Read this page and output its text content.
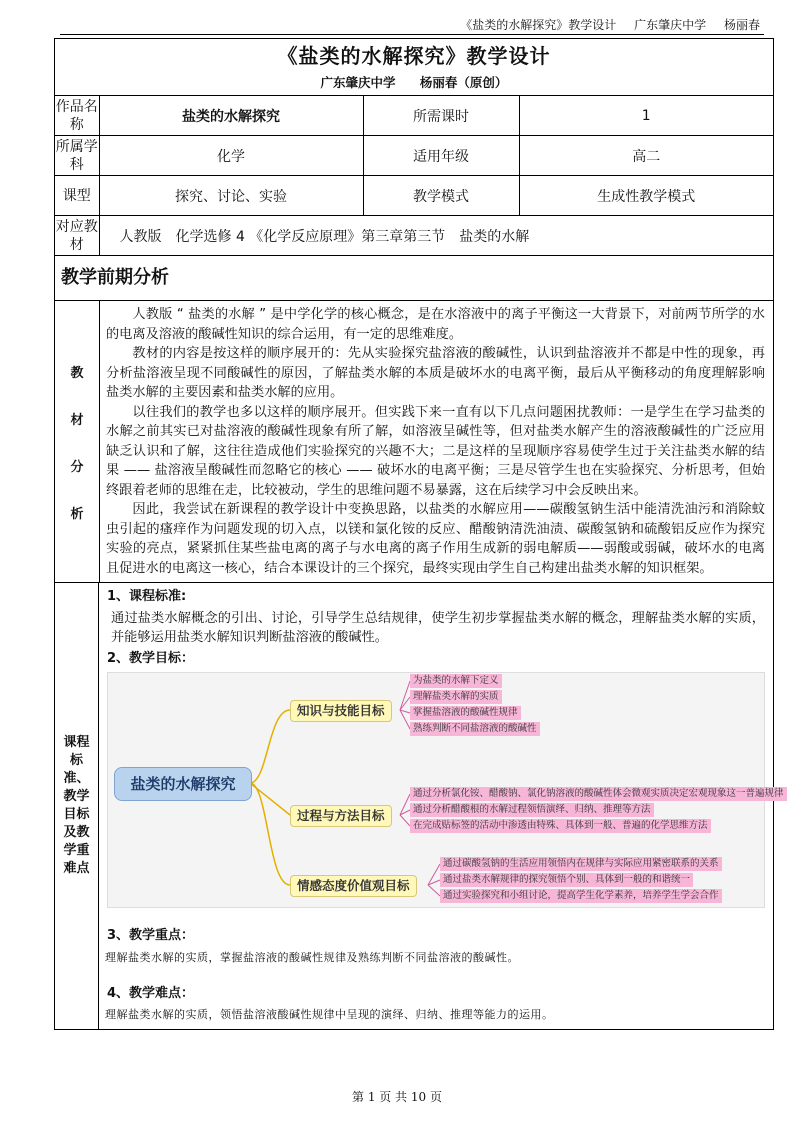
《盐类的水解探究》教学设计 广东肇庆中学 杨丽春
《盐类的水解探究》教学设计
广东肇庆中学 杨丽春（原创）
作品名称	盐类的水解探究	所需课时	1
所属学科	化学	适用年级	高二
课型	探究、讨论、实验	教学模式	生成性教学模式
对应教材	人教版　化学选修 4 《化学反应原理》第三章第三节　盐类的水解		
教学前期分析
教
材
分
析

人教版 “ 盐类的水解 ” 是中学化学的核心概念，是在水溶液中的离子平衡这一大背景下，对前两节所学的水的电离及溶液的酸碱性知识的综合运用，有一定的思维难度。

教材的内容是按这样的顺序展开的：先从实验探究盐溶液的酸碱性，认识到盐溶液并不都是中性的现象，再分析盐溶液呈现不同酸碱性的原因，了解盐类水解的本质是破坏水的电离平衡，最后从平衡移动的角度理解影响盐类水解的主要因素和盐类水解的应用。

以往我们的教学也多以这样的顺序展开。但实践下来一直有以下几点问题困扰教师：一是学生在学习盐类的水解之前其实已对盐溶液的酸碱性现象有所了解，如溶液呈碱性等，但对盐类水解产生的溶液酸碱性的广泛应用缺乏认识和了解，这往往造成他们实验探究的兴趣不大；二是这样的呈现顺序容易使学生过于关注盐类水解的结果 —— 盐溶液呈酸碱性而忽略它的核心 —— 破坏水的电离平衡；三是尽管学生也在实验探究、分析思考，但始终跟着老师的思维在走，比较被动，学生的思维问题不易暴露，这在后续学习中会反映出来。

因此，我尝试在新课程的教学设计中变换思路，以盐类的水解应用——碳酸氢钠生活中能清洗油污和消除蚊虫引起的瘙痒作为问题发现的切入点，以镁和氯化铵的反应、醋酸钠清洗油渍、碳酸氢钠和硫酸铝反应作为探究实验的亮点，紧紧抓住某些盐电离的离子与水电离的离子作用生成新的弱电解质——弱酸或弱碱，破坏水的电离且促进水的电离这一核心，结合本课设计的三个探究，最终实现由学生自己构建出盐类水解的知识框架。

课程标准、教学目标及教学重难点
1、课程标准:
通过盐类水解概念的引出、讨论，引导学生总结规律，使学生初步掌握盐类水解的概念，理解盐类水解的实质，并能够运用盐类水解知识判断盐溶液的酸碱性。
2、教学目标：
盐类的水解探究
知识与技能目标
为盐类的水解下定义
理解盐类水解的实质
掌握盐溶液的酸碱性规律
熟练判断不同盐溶液的酸碱性
过程与方法目标
通过分析氯化铵、醋酸钠、氯化钠溶液的酸碱性体会微观实质决定宏观现象这一普遍规律
通过分析醋酸根的水解过程领悟演绎、归纳、推理等方法
在完成贴标签的活动中渗透由特殊、具体到一般、普遍的化学思维方法
情感态度价值观目标
通过碳酸氢钠的生活应用领悟内在规律与实际应用紧密联系的关系
通过盐类水解规律的探究领悟个别、具体到一般的和谐统一
通过实验探究和小组讨论，提高学生化学素养，培养学生学会合作
3、教学重点：
理解盐类水解的实质，掌握盐溶液的酸碱性规律及熟练判断不同盐溶液的酸碱性。
4、教学难点：
理解盐类水解的实质，领悟盐溶液酸碱性规律中呈现的演绎、归纳、推理等能力的运用。
第 1 页 共 10 页
